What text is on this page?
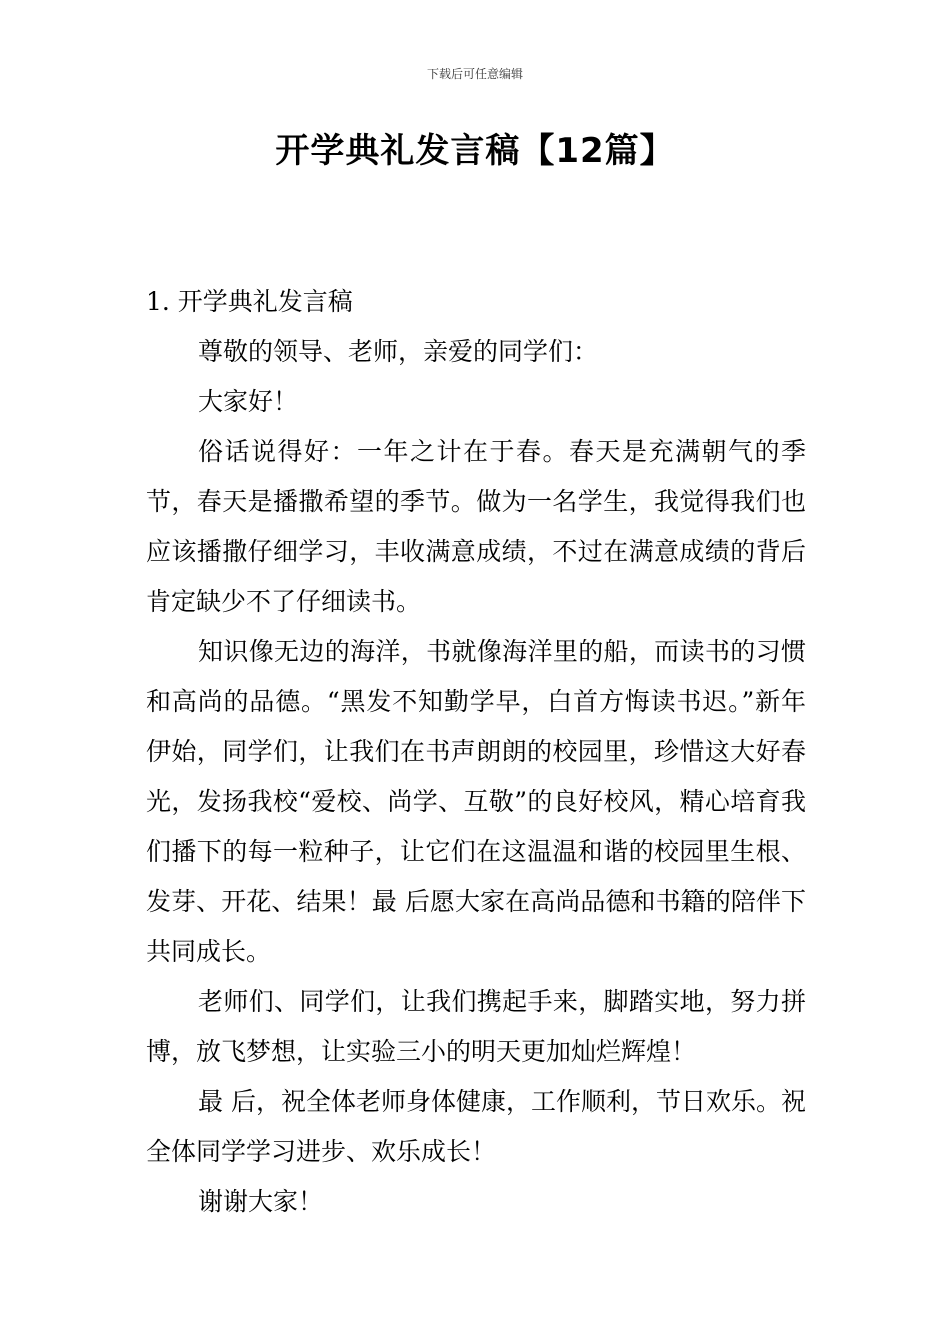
下载后可任意编辑
开学典礼发言稿【12篇】
1. 开学典礼发言稿

尊敬的领导、老师，亲爱的同学们：

大家好！

俗话说得好：一年之计在于春。春天是充满朝气的季节，春天是播撒希望的季节。做为一名学生，我觉得我们也应该播撒仔细学习，丰收满意成绩，不过在满意成绩的背后肯定缺少不了仔细读书。

知识像无边的海洋，书就像海洋里的船，而读书的习惯和高尚的品德。“黑发不知勤学早，白首方悔读书迟。”新年伊始，同学们，让我们在书声朗朗的校园里，珍惜这大好春光，发扬我校“爱校、尚学、互敬”的良好校风，精心培育我们播下的每一粒种子，让它们在这温温和谐的校园里生根、发芽、开花、结果！最 后愿大家在高尚品德和书籍的陪伴下共同成长。

老师们、同学们，让我们携起手来，脚踏实地，努力拼博，放飞梦想，让实验三小的明天更加灿烂辉煌！

最 后，祝全体老师身体健康，工作顺利，节日欢乐。祝全体同学学习进步、欢乐成长！

谢谢大家！
